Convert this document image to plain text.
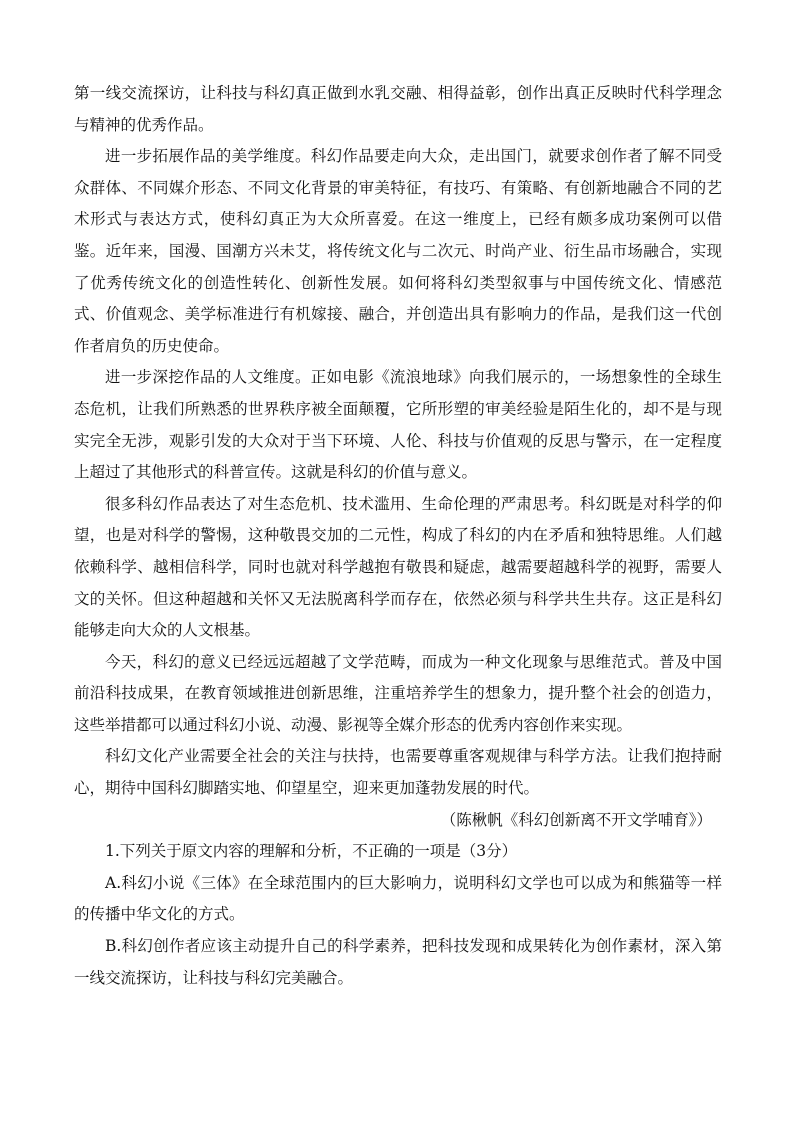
第一线交流探访，让科技与科幻真正做到水乳交融、相得益彰，创作出真正反映时代科学理念与精神的优秀作品。

进一步拓展作品的美学维度。科幻作品要走向大众，走出国门，就要求创作者了解不同受众群体、不同媒介形态、不同文化背景的审美特征，有技巧、有策略、有创新地融合不同的艺术形式与表达方式，使科幻真正为大众所喜爱。在这一维度上，已经有颇多成功案例可以借鉴。近年来，国漫、国潮方兴未艾，将传统文化与二次元、时尚产业、衍生品市场融合，实现了优秀传统文化的创造性转化、创新性发展。如何将科幻类型叙事与中国传统文化、情感范式、价值观念、美学标准进行有机嫁接、融合，并创造出具有影响力的作品，是我们这一代创作者肩负的历史使命。

进一步深挖作品的人文维度。正如电影《流浪地球》向我们展示的，一场想象性的全球生态危机，让我们所熟悉的世界秩序被全面颠覆，它所形塑的审美经验是陌生化的，却不是与现实完全无涉，观影引发的大众对于当下环境、人伦、科技与价值观的反思与警示，在一定程度上超过了其他形式的科普宣传。这就是科幻的价值与意义。

很多科幻作品表达了对生态危机、技术滥用、生命伦理的严肃思考。科幻既是对科学的仰望，也是对科学的警惕，这种敬畏交加的二元性，构成了科幻的内在矛盾和独特思维。人们越依赖科学、越相信科学，同时也就对科学越抱有敬畏和疑虑，越需要超越科学的视野，需要人文的关怀。但这种超越和关怀又无法脱离科学而存在，依然必须与科学共生共存。这正是科幻能够走向大众的人文根基。

今天，科幻的意义已经远远超越了文学范畴，而成为一种文化现象与思维范式。普及中国前沿科技成果，在教育领域推进创新思维，注重培养学生的想象力，提升整个社会的创造力，这些举措都可以通过科幻小说、动漫、影视等全媒介形态的优秀内容创作来实现。

科幻文化产业需要全社会的关注与扶持，也需要尊重客观规律与科学方法。让我们抱持耐心，期待中国科幻脚踏实地、仰望星空，迎来更加蓬勃发展的时代。

（陈楸帆《科幻创新离不开文学哺育》）

1.下列关于原文内容的理解和分析，不正确的一项是（3分）

A.科幻小说《三体》在全球范围内的巨大影响力，说明科幻文学也可以成为和熊猫等一样的传播中华文化的方式。

B.科幻创作者应该主动提升自己的科学素养，把科技发现和成果转化为创作素材，深入第一线交流探访，让科技与科幻完美融合。
